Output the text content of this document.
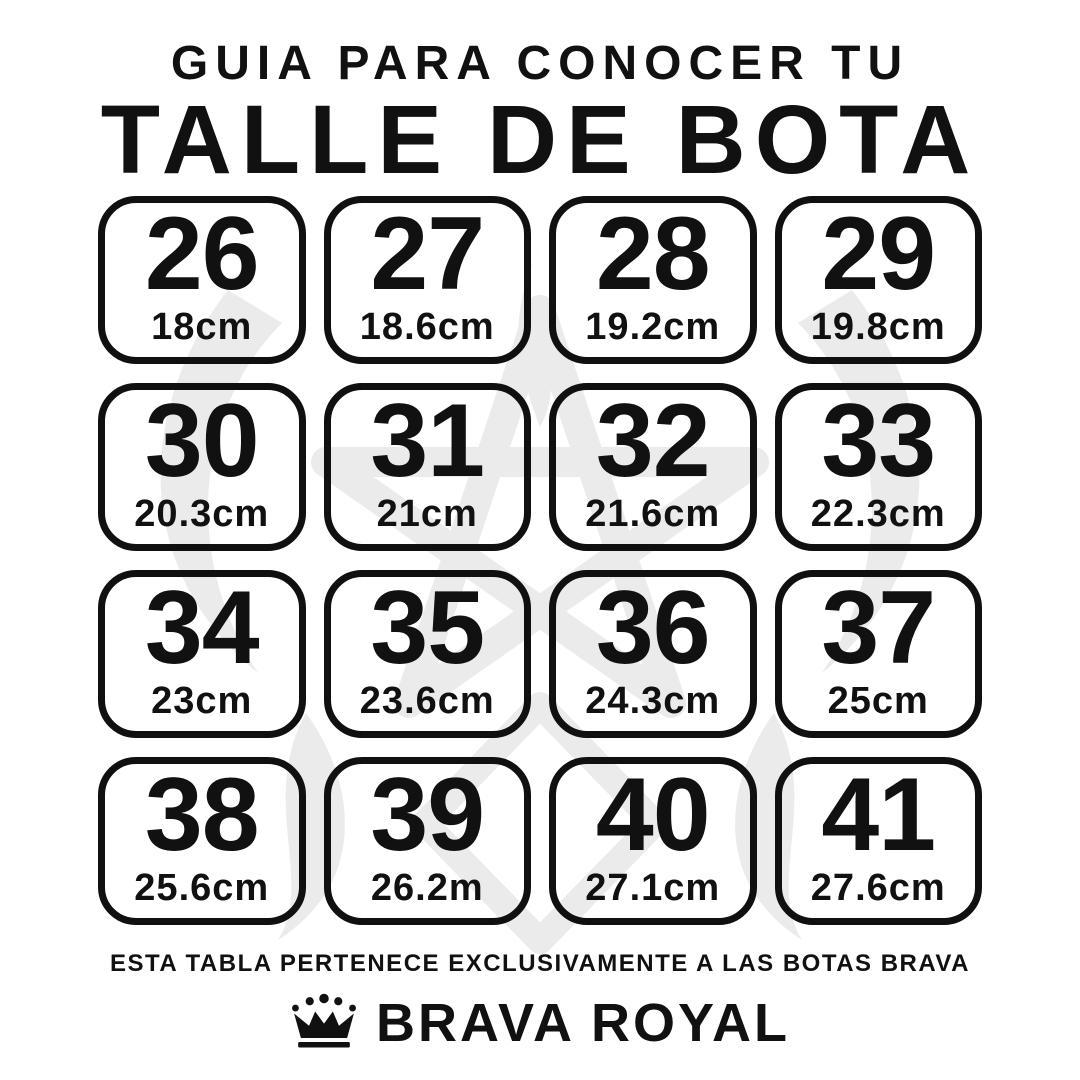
GUIA PARA CONOCER TU
TALLE DE BOTA
26
18cm
27
18.6cm
28
19.2cm
29
19.8cm
30
20.3cm
31
21cm
32
21.6cm
33
22.3cm
34
23cm
35
23.6cm
36
24.3cm
37
25cm
38
25.6cm
39
26.2m
40
27.1cm
41
27.6cm
ESTA TABLA PERTENECE EXCLUSIVAMENTE A LAS BOTAS BRAVA
BRAVA ROYAL
